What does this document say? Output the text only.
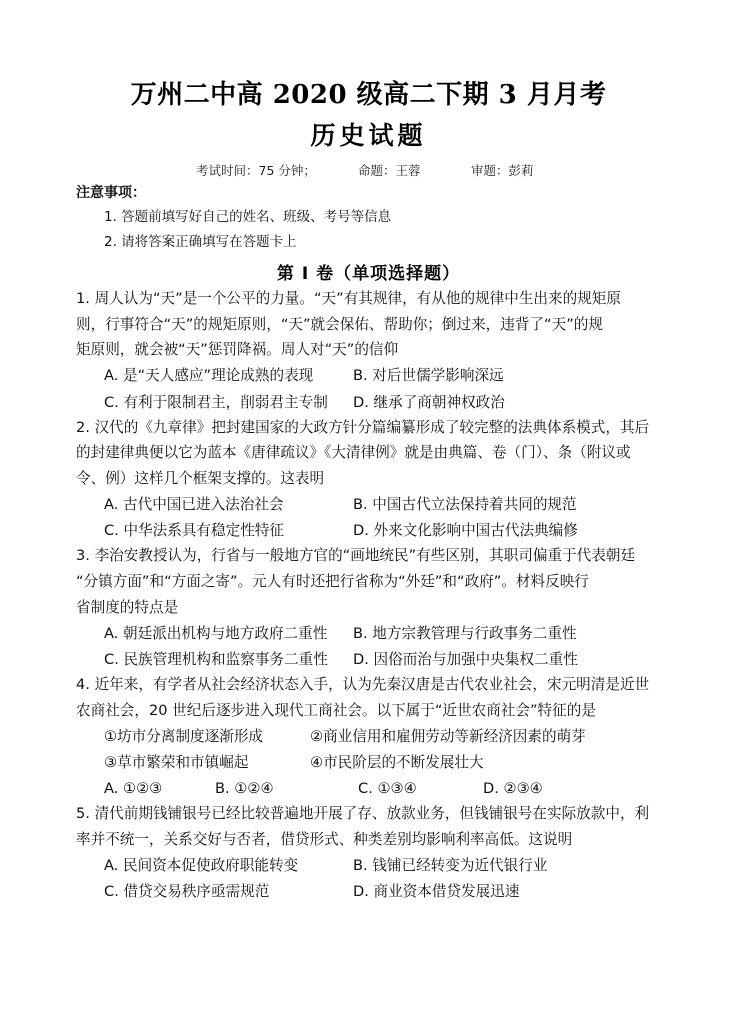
万州二中高 2020 级高二下期 3 月月考
历史试题
考试时间：75 分钟；	命题：王蓉	审题：彭莉
注意事项：
1. 答题前填写好自己的姓名、班级、考号等信息
2. 请将答案正确填写在答题卡上
第 I 卷（单项选择题）
1. 周人认为“天”是一个公平的力量。“天”有其规律，有从他的规律中生出来的规矩原
则，行事符合“天”的规矩原则，“天”就会保佑、帮助你；倒过来，违背了“天”的规
矩原则，就会被“天”惩罚降祸。周人对“天”的信仰
A. 是“天人感应”理论成熟的表现	B. 对后世儒学影响深远
C. 有利于限制君主，削弱君主专制 D. 继承了商朝神权政治
2. 汉代的《九章律》把封建国家的大政方针分篇编纂形成了较完整的法典体系模式，其后
的封建律典便以它为蓝本《唐律疏议》《大清律例》就是由典篇、卷（门）、条（附议或
令、例）这样几个框架支撑的。这表明
A. 古代中国已进入法治社会	B. 中国古代立法保持着共同的规范
C. 中华法系具有稳定性特征	D. 外来文化影响中国古代法典编修
3. 李治安教授认为，行省与一般地方官的“画地统民”有些区别，其职司偏重于代表朝廷
“分镇方面”和“方面之寄”。元人有时还把行省称为“外廷”和“政府”。材料反映行
省制度的特点是
A. 朝廷派出机构与地方政府二重性 B. 地方宗教管理与行政事务二重性
C. 民族管理机构和监察事务二重性 D. 因俗而治与加强中央集权二重性
4. 近年来，有学者从社会经济状态入手，认为先秦汉唐是古代农业社会，宋元明清是近世
农商社会，20 世纪后逐步进入现代工商社会。以下属于“近世农商社会”特征的是
①坊市分离制度逐渐形成	②商业信用和雇佣劳动等新经济因素的萌芽
③草市繁荣和市镇崛起	④市民阶层的不断发展壮大
A. ①②③	B. ①②④	C. ①③④	D. ②③④
5. 清代前期钱铺银号已经比较普遍地开展了存、放款业务，但钱铺银号在实际放款中，利
率并不统一，关系交好与否者，借贷形式、种类差别均影响利率高低。这说明
A. 民间资本促使政府职能转变	B. 钱铺已经转变为近代银行业
C. 借贷交易秩序亟需规范	D. 商业资本借贷发展迅速
